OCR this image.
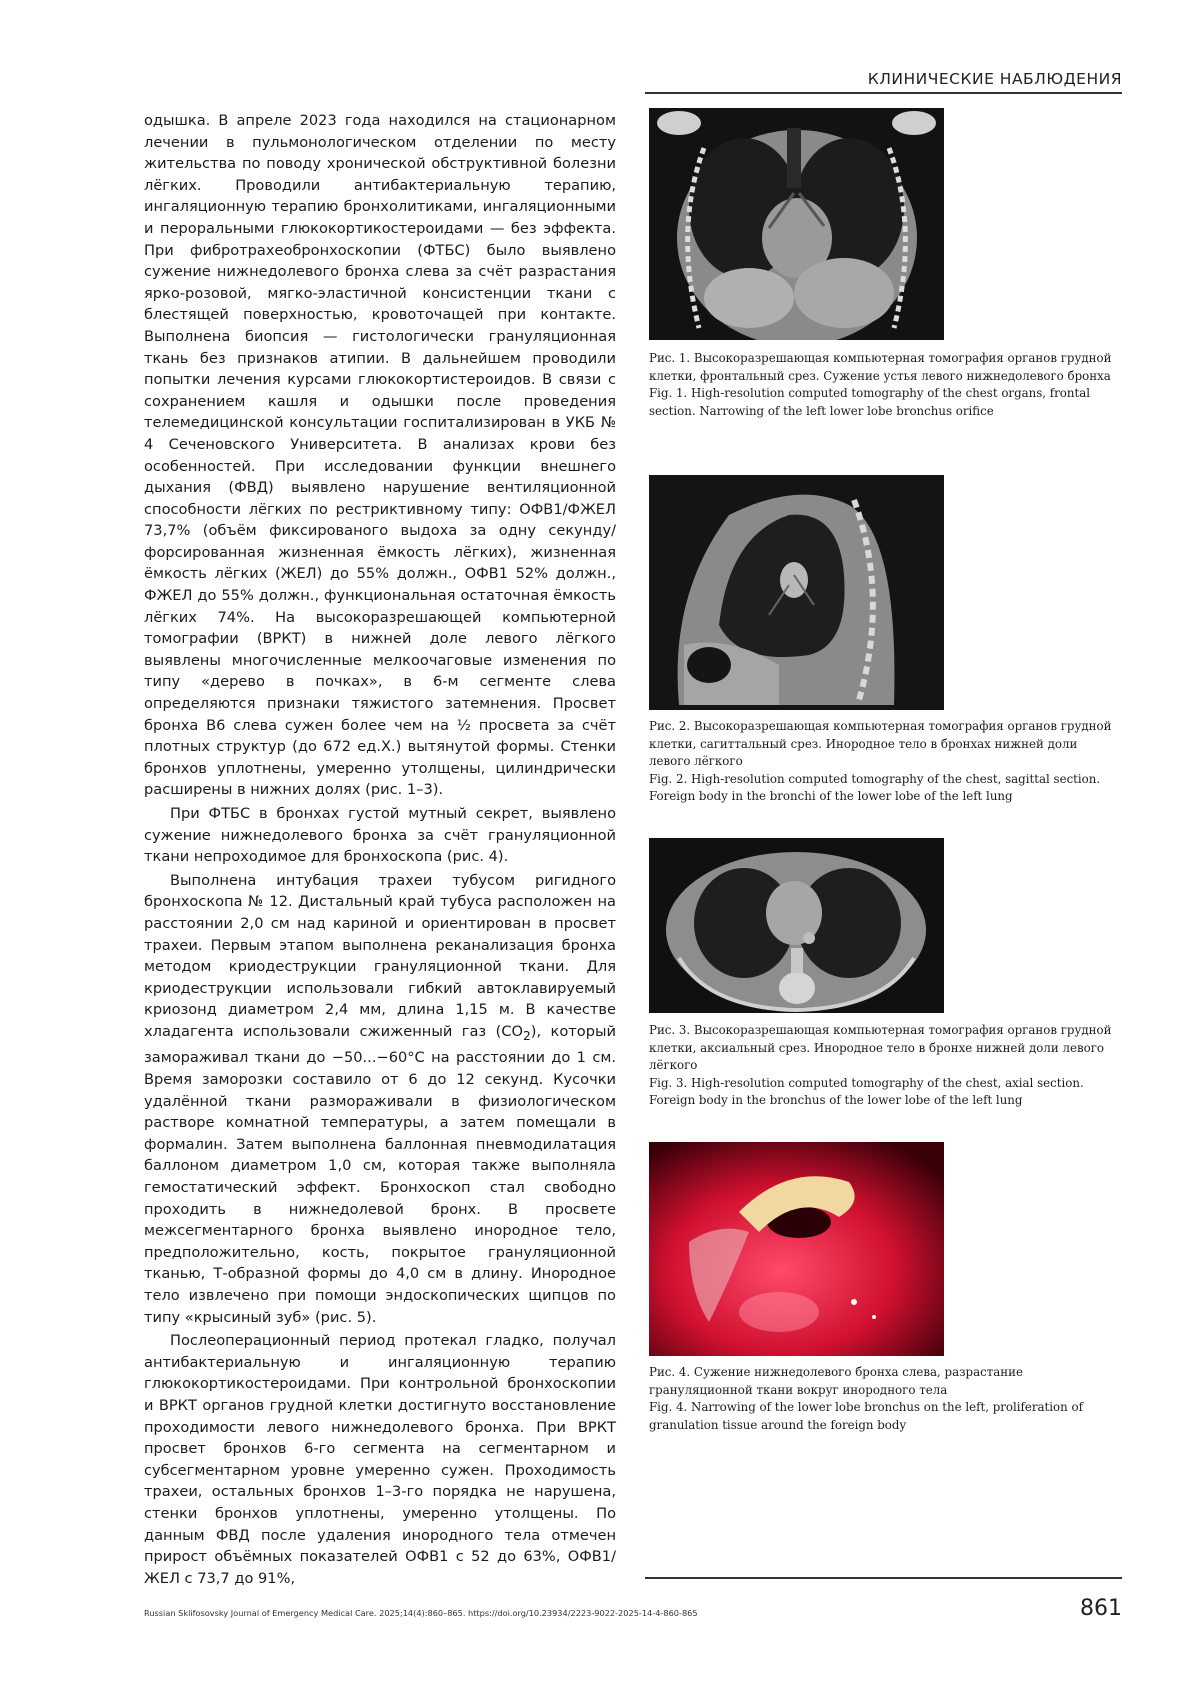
КЛИНИЧЕСКИЕ НАБЛЮДЕНИЯ

одышка. В апреле 2023 года находился на стационарном лечении в пульмонологическом отделении по месту жительства по поводу хронической обструктивной болезни лёгких. Проводили антибактериальную терапию, ингаляционную терапию бронхолитиками, ингаляционными и пероральными глюкокортикостероидами — без эффекта. При фибротрахеобронхоскопии (ФТБС) было выявлено сужение нижнедолевого бронха слева за счёт разрастания ярко-розовой, мягко-эластичной консистенции ткани с блестящей поверхностью, кровоточащей при контакте. Выполнена биопсия — гистологически грануляционная ткань без признаков атипии. В дальнейшем проводили попытки лечения курсами глюкокортистероидов. В связи с сохранением кашля и одышки после проведения телемедицинской консультации госпитализирован в УКБ № 4 Сеченовского Университета. В анализах крови без особенностей. При исследовании функции внешнего дыхания (ФВД) выявлено нарушение вентиляционной способности лёгких по рестриктивному типу: ОФВ1/ФЖЕЛ 73,7% (объём фиксированого выдоха за одну секунду/форсированная жизненная ёмкость лёгких), жизненная ёмкость лёгких (ЖЕЛ) до 55% должн., ОФВ1 52% должн., ФЖЕЛ до 55% должн., функциональная остаточная ёмкость лёгких 74%. На высокоразрешающей компьютерной томографии (ВРКТ) в нижней доле левого лёгкого выявлены многочисленные мелкоочаговые изменения по типу «дерево в почках», в 6-м сегменте слева определяются признаки тяжистого затемнения. Просвет бронха В6 слева сужен более чем на ½ просвета за счёт плотных структур (до 672 ед.Х.) вытянутой формы. Стенки бронхов уплотнены, умеренно утолщены, цилиндрически расширены в нижних долях (рис. 1–3).

При ФТБС в бронхах густой мутный секрет, выявлено сужение нижнедолевого бронха за счёт грануляционной ткани непроходимое для бронхоскопа (рис. 4).

Выполнена интубация трахеи тубусом ригидного бронхоскопа № 12. Дистальный край тубуса расположен на расстоянии 2,0 см над кариной и ориентирован в просвет трахеи. Первым этапом выполнена реканализация бронха методом криодеструкции грануляционной ткани. Для криодеструкции использовали гибкий автоклавируемый криозонд диаметром 2,4 мм, длина 1,15 м. В качестве хладагента использовали сжиженный газ $(CO_2)$, который замораживал ткани до −50...−60°C на расстоянии до 1 см. Время заморозки составило от 6 до 12 секунд. Кусочки удалённой ткани размораживали в физиологическом растворе комнатной температуры, а затем помещали в формалин. Затем выполнена баллонная пневмодилатация баллоном диаметром 1,0 см, которая также выполняла гемостатический эффект. Бронхоскоп стал свободно проходить в нижнедолевой бронх. В просвете межсегментарного бронха выявлено инородное тело, предположительно, кость, покрытое грануляционной тканью, Т-образной формы до 4,0 см в длину. Инородное тело извлечено при помощи эндоскопических щипцов по типу «крысиный зуб» (рис. 5).

Послеоперационный период протекал гладко, получал антибактериальную и ингаляционную терапию глюкокортикостероидами. При контрольной бронхоскопии и ВРКТ органов грудной клетки достигнуто восстановление проходимости левого нижнедолевого бронха. При ВРКТ просвет бронхов 6-го сегмента на сегментарном и субсегментарном уровне умеренно сужен. Проходимость трахеи, остальных бронхов 1–3-го порядка не нарушена, стенки бронхов уплотнены, умеренно утолщены. По данным ФВД после удаления инородного тела отмечен прирост объёмных показателей ОФВ1 с 52 до 63%, ОФВ1/ЖЕЛ с 73,7 до 91%,

Рис. 1. Высокоразрешающая компьютерная томография органов грудной клетки, фронтальный срез. Сужение устья левого нижнедолевого бронха
Fig. 1. High-resolution computed tomography of the chest organs, frontal section. Narrowing of the left lower lobe bronchus orifice
Рис. 2. Высокоразрешающая компьютерная томография органов грудной клетки, сагиттальный срез. Инородное тело в бронхах нижней доли левого лёгкого
Fig. 2. High-resolution computed tomography of the chest, sagittal section. Foreign body in the bronchi of the lower lobe of the left lung
Рис. 3. Высокоразрешающая компьютерная томография органов грудной клетки, аксиальный срез. Инородное тело в бронхе нижней доли левого лёгкого
Fig. 3. High-resolution computed tomography of the chest, axial section. Foreign body in the bronchus of the lower lobe of the left lung
Рис. 4. Сужение нижнедолевого бронха слева, разрастание грануляционной ткани вокруг инородного тела
Fig. 4. Narrowing of the lower lobe bronchus on the left, proliferation of granulation tissue around the foreign body
Russian Sklifosovsky Journal of Emergency Medical Care. 2025;14(4):860–865. https://doi.org/10.23934/2223-9022-2025-14-4-860-865	861
